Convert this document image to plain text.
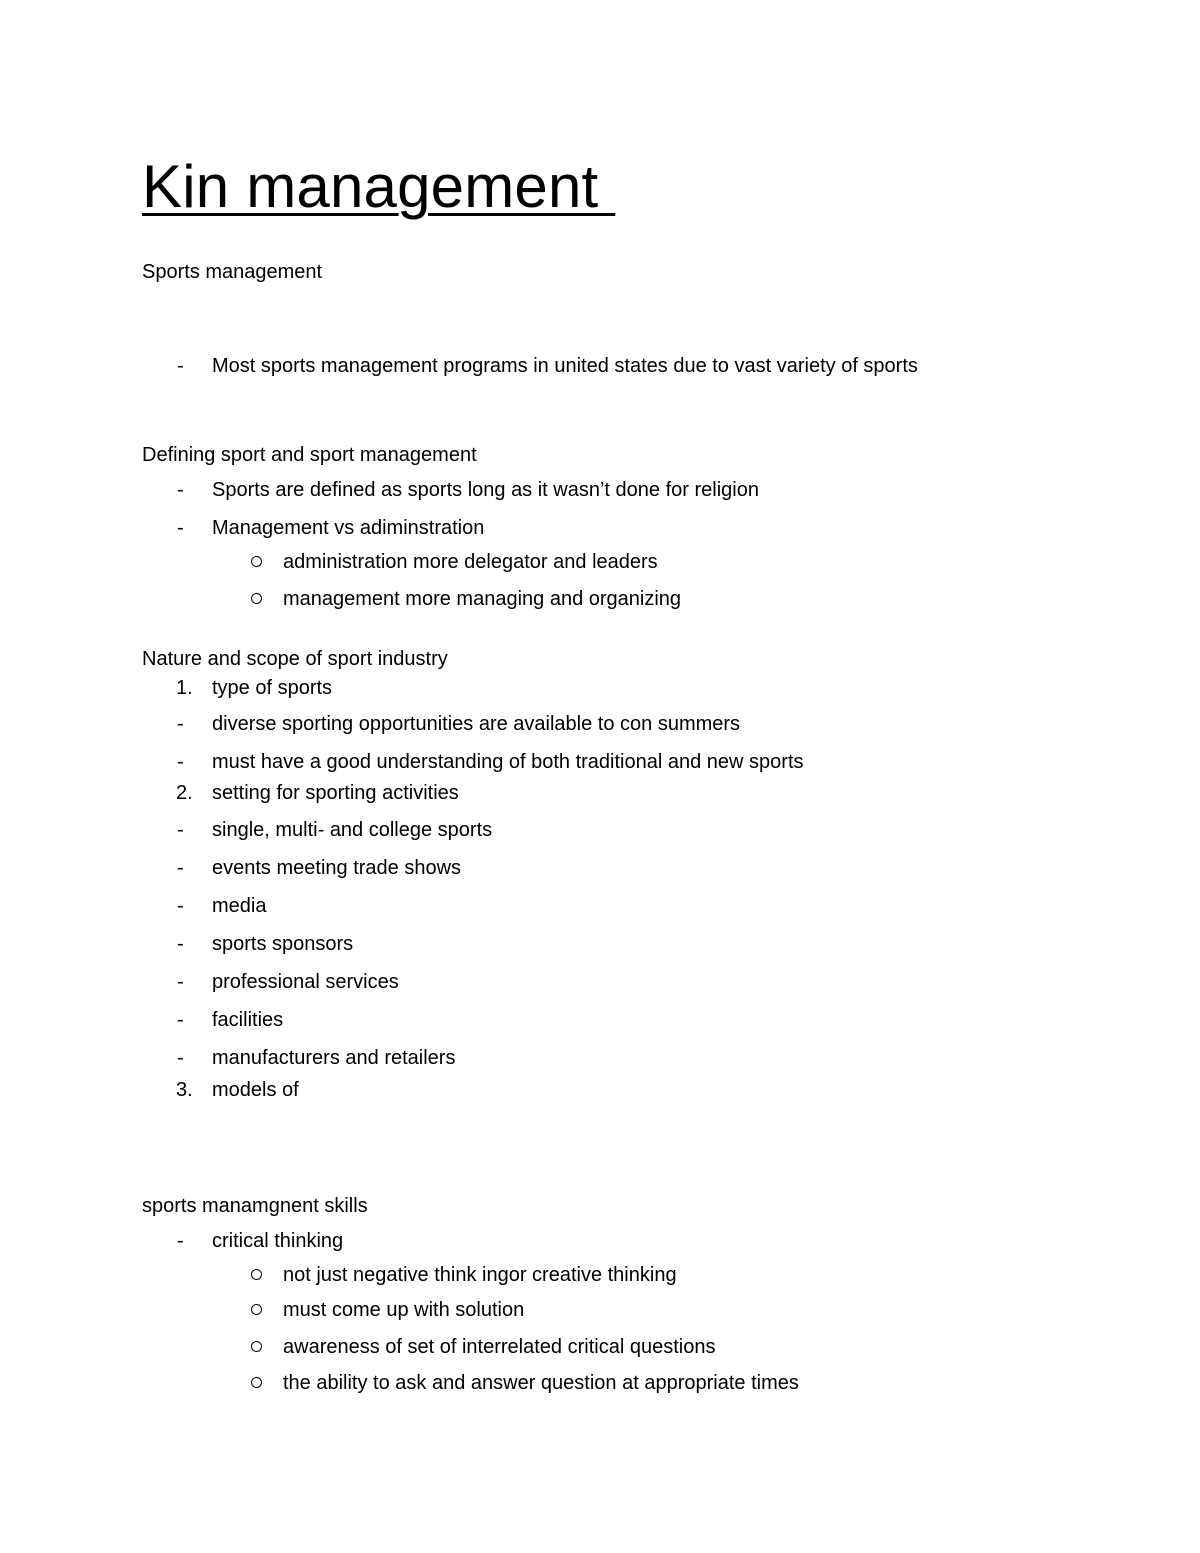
Kin management
Sports management
- Most sports management programs in united states due to vast variety of sports
Defining sport and sport management
- Sports are defined as sports long as it wasn’t done for religion
- Management vs adiminstration
administration more delegator and leaders
management more managing and organizing
Nature and scope of sport industry
1. type of sports
- diverse sporting opportunities are available to con summers
- must have a good understanding of both traditional and new sports
2. setting for sporting activities
- single, multi- and college sports
- events meeting trade shows
- media
- sports sponsors
- professional services
- facilities
- manufacturers and retailers
3. models of
sports manamgnent skills
- critical thinking
not just negative think ingor creative thinking
must come up with solution
awareness of set of interrelated critical questions
the ability to ask and answer question at appropriate times
